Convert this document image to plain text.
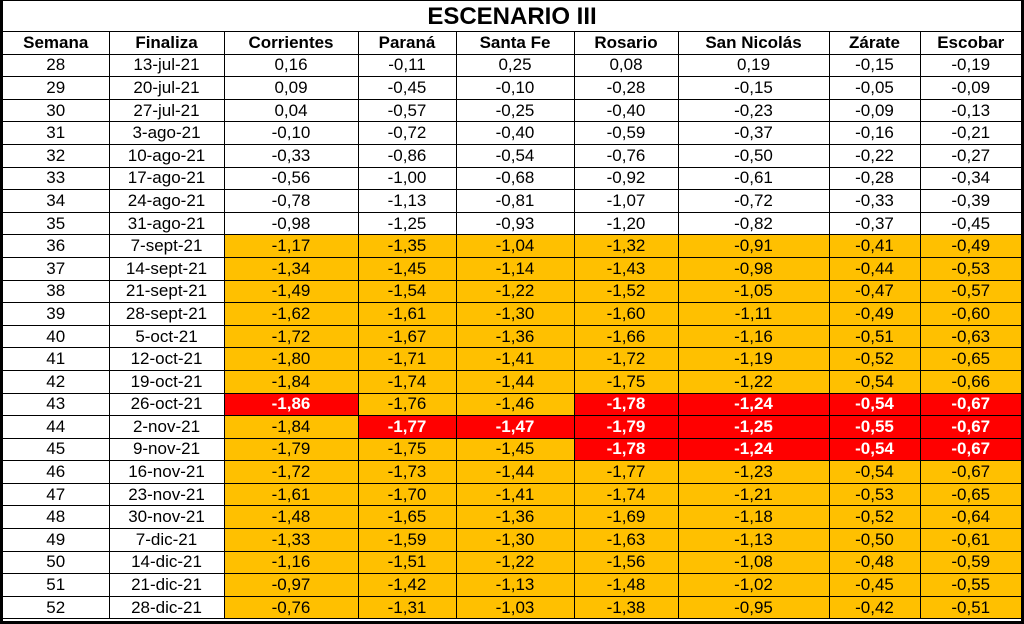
ESCENARIO III
Semana	Finaliza	Corrientes	Paraná	Santa Fe	Rosario	San Nicolás	Zárate	Escobar
28	13-jul-21	0,16	-0,11	0,25	0,08	0,19	-0,15	-0,19
29	20-jul-21	0,09	-0,45	-0,10	-0,28	-0,15	-0,05	-0,09
30	27-jul-21	0,04	-0,57	-0,25	-0,40	-0,23	-0,09	-0,13
31	3-ago-21	-0,10	-0,72	-0,40	-0,59	-0,37	-0,16	-0,21
32	10-ago-21	-0,33	-0,86	-0,54	-0,76	-0,50	-0,22	-0,27
33	17-ago-21	-0,56	-1,00	-0,68	-0,92	-0,61	-0,28	-0,34
34	24-ago-21	-0,78	-1,13	-0,81	-1,07	-0,72	-0,33	-0,39
35	31-ago-21	-0,98	-1,25	-0,93	-1,20	-0,82	-0,37	-0,45
36	7-sept-21	-1,17	-1,35	-1,04	-1,32	-0,91	-0,41	-0,49
37	14-sept-21	-1,34	-1,45	-1,14	-1,43	-0,98	-0,44	-0,53
38	21-sept-21	-1,49	-1,54	-1,22	-1,52	-1,05	-0,47	-0,57
39	28-sept-21	-1,62	-1,61	-1,30	-1,60	-1,11	-0,49	-0,60
40	5-oct-21	-1,72	-1,67	-1,36	-1,66	-1,16	-0,51	-0,63
41	12-oct-21	-1,80	-1,71	-1,41	-1,72	-1,19	-0,52	-0,65
42	19-oct-21	-1,84	-1,74	-1,44	-1,75	-1,22	-0,54	-0,66
43	26-oct-21	-1,86	-1,76	-1,46	-1,78	-1,24	-0,54	-0,67
44	2-nov-21	-1,84	-1,77	-1,47	-1,79	-1,25	-0,55	-0,67
45	9-nov-21	-1,79	-1,75	-1,45	-1,78	-1,24	-0,54	-0,67
46	16-nov-21	-1,72	-1,73	-1,44	-1,77	-1,23	-0,54	-0,67
47	23-nov-21	-1,61	-1,70	-1,41	-1,74	-1,21	-0,53	-0,65
48	30-nov-21	-1,48	-1,65	-1,36	-1,69	-1,18	-0,52	-0,64
49	7-dic-21	-1,33	-1,59	-1,30	-1,63	-1,13	-0,50	-0,61
50	14-dic-21	-1,16	-1,51	-1,22	-1,56	-1,08	-0,48	-0,59
51	21-dic-21	-0,97	-1,42	-1,13	-1,48	-1,02	-0,45	-0,55
52	28-dic-21	-0,76	-1,31	-1,03	-1,38	-0,95	-0,42	-0,51
